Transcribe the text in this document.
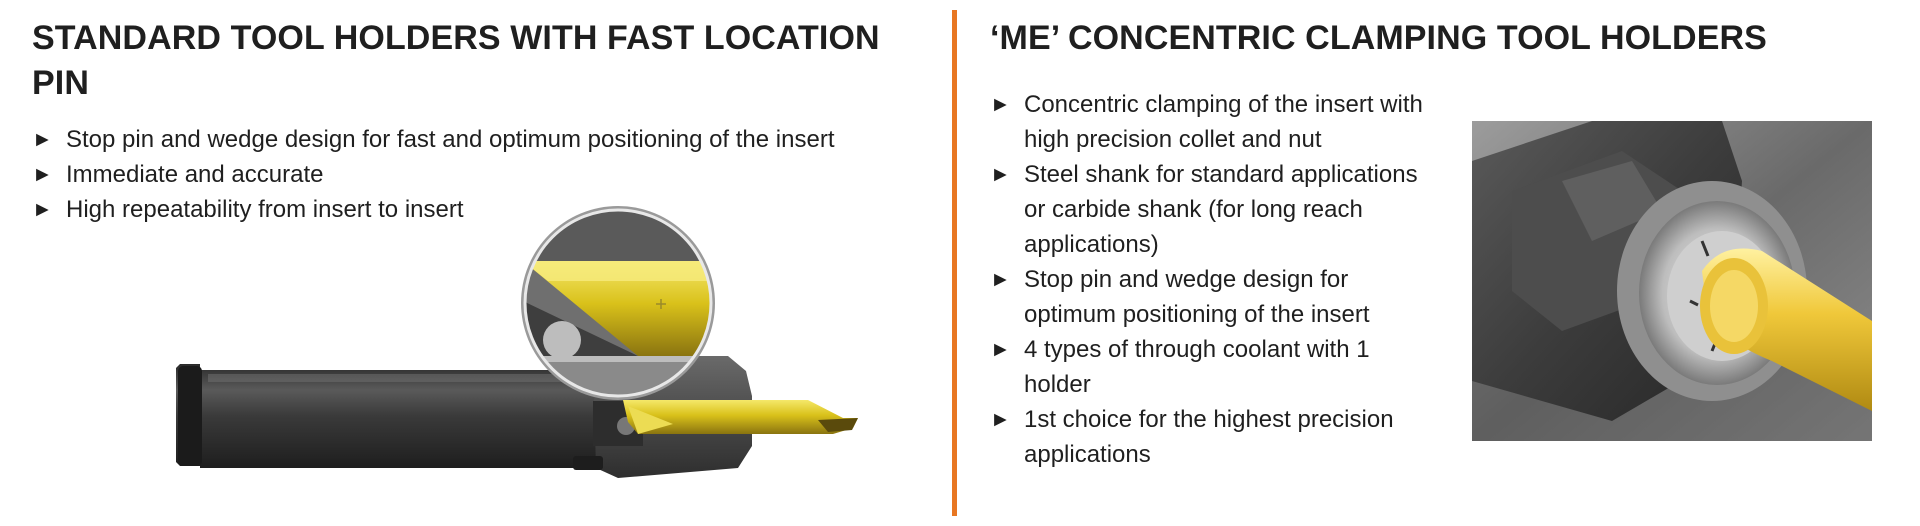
STANDARD TOOL HOLDERS WITH FAST LOCATION PIN
► Stop pin and wedge design for fast and optimum positioning of the insert
► Immediate and accurate
► High repeatability from insert to insert
‘ME’ CONCENTRIC CLAMPING TOOL HOLDERS
► Concentric clamping of the insert with high precision collet and nut
► Steel shank for standard applications or carbide shank (for long reach applications)
► Stop pin and wedge design for optimum positioning of the insert
► 4 types of through coolant with 1 holder
► 1st choice for the highest precision applications
